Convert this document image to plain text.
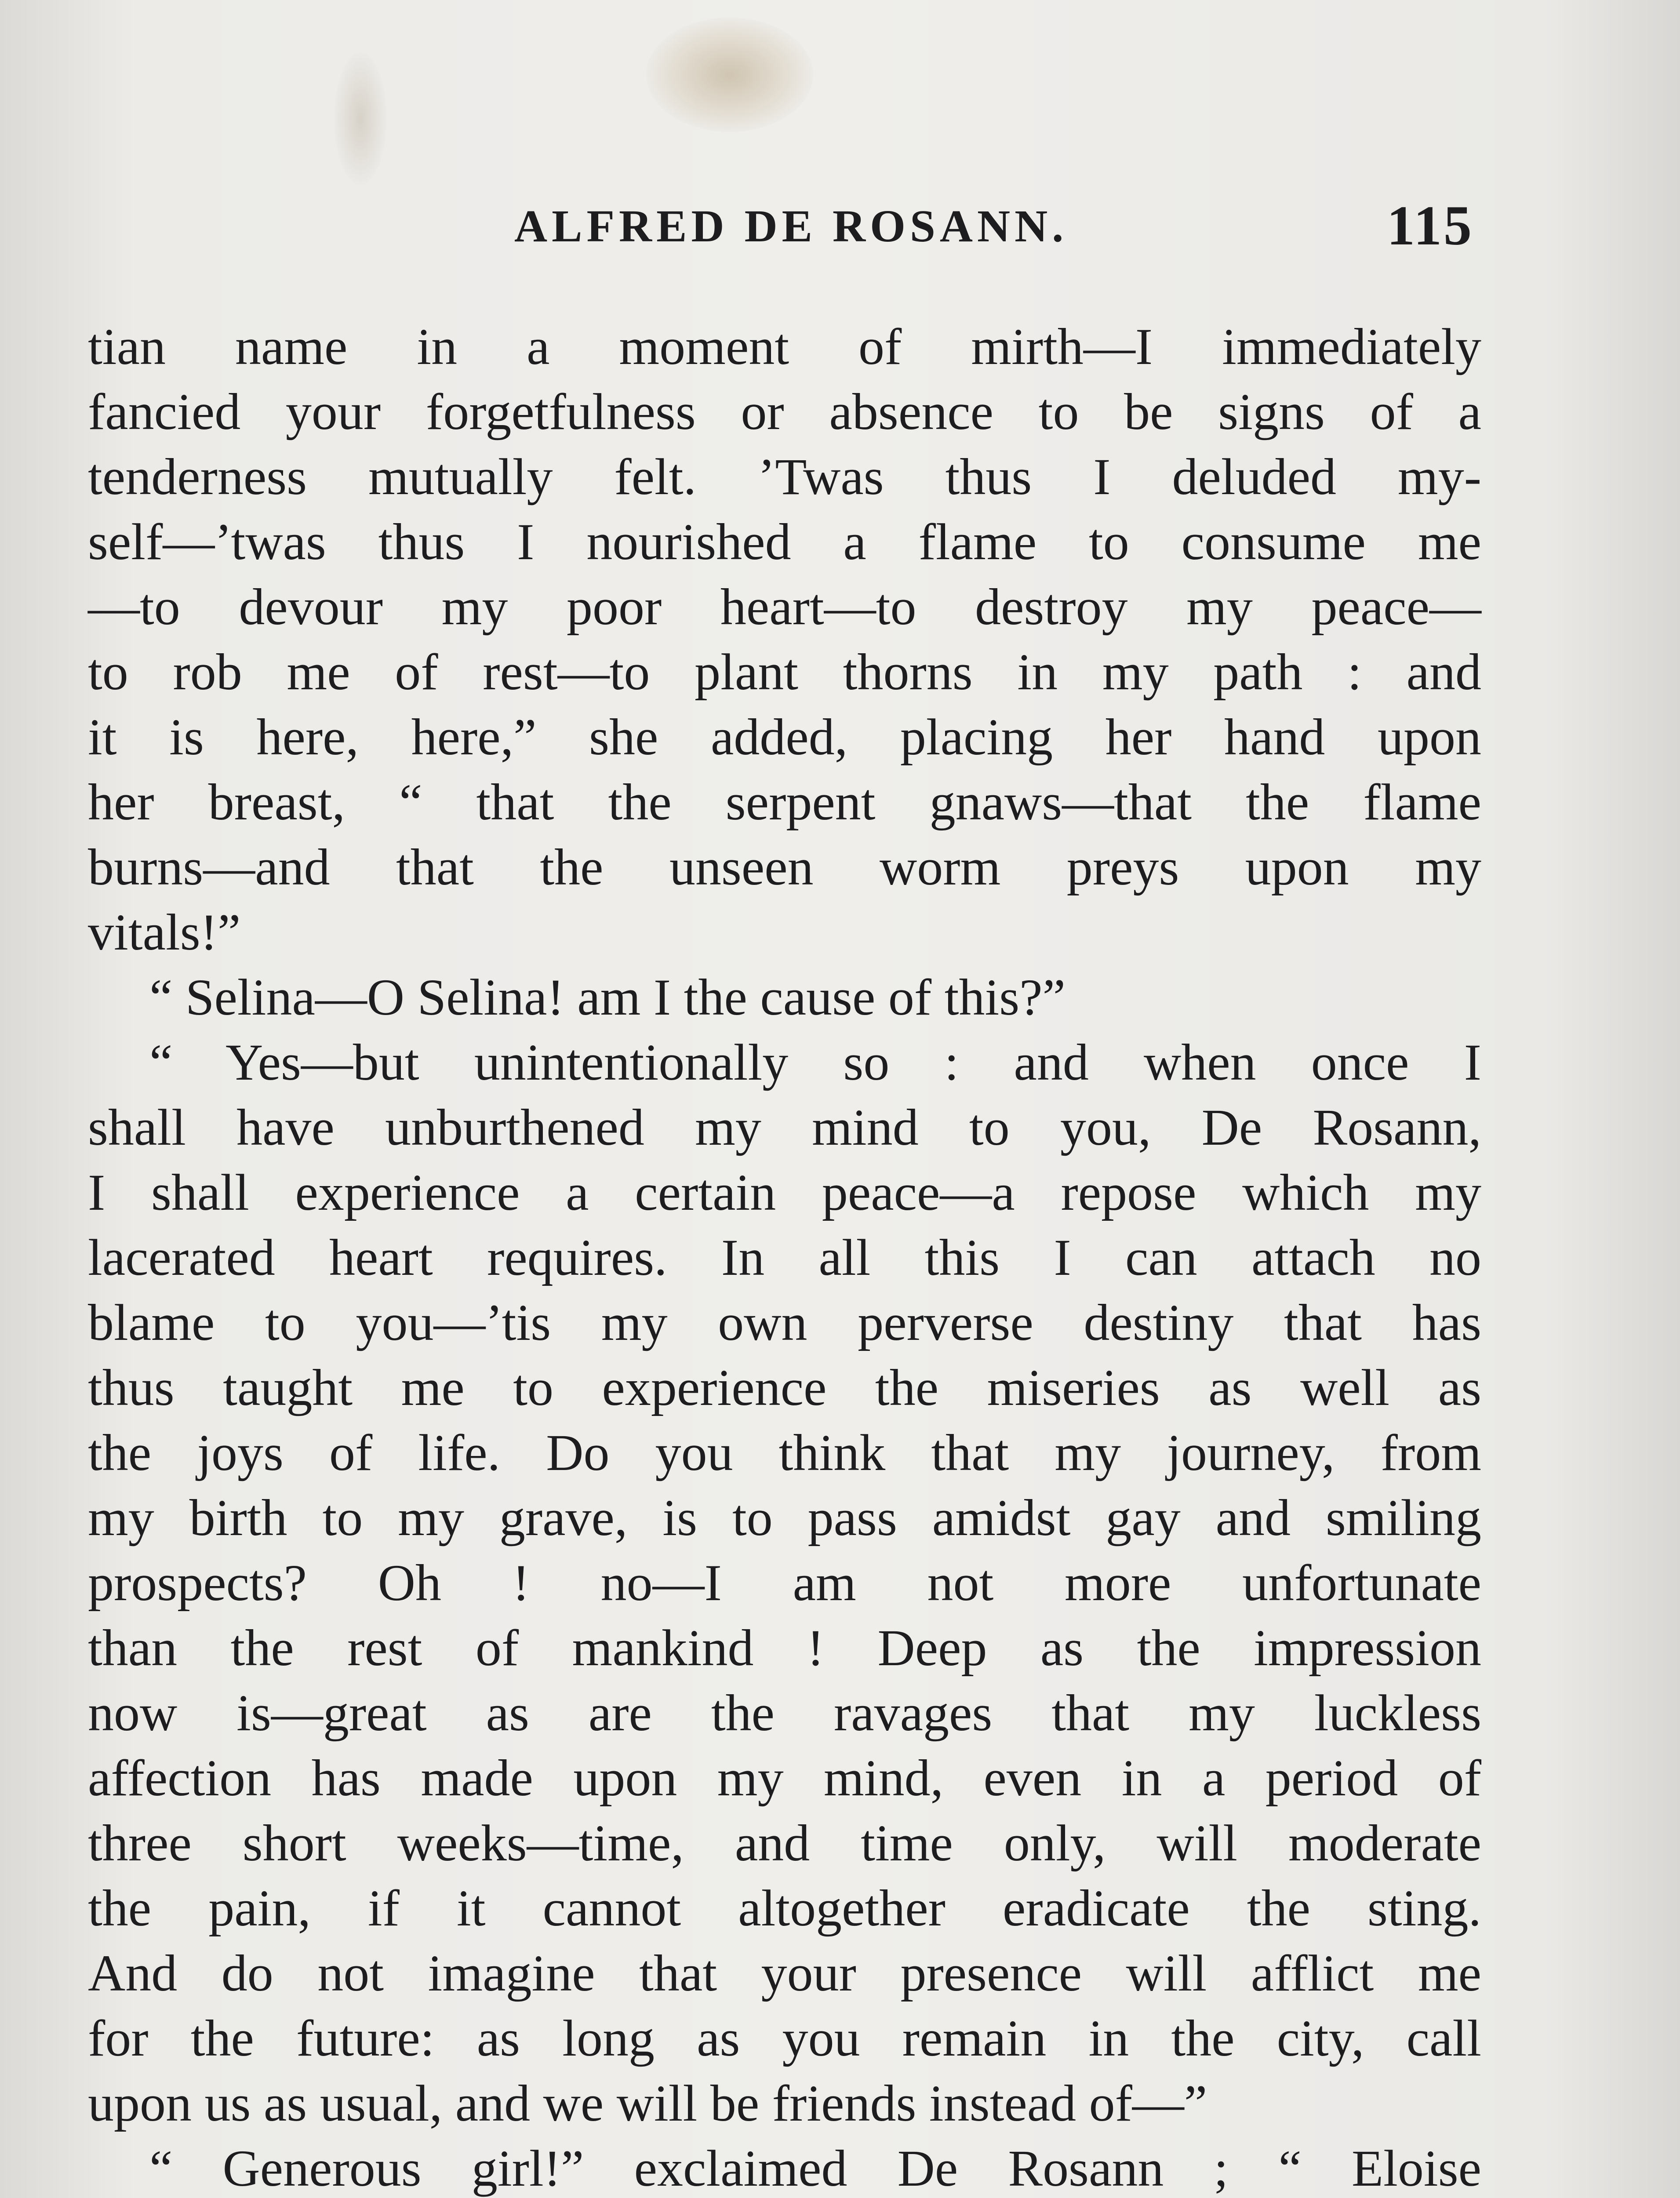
ALFRED DE ROSANN.	115
tian name in a moment of mirth—I immediately
fancied your forgetfulness or absence to be signs of a
tenderness mutually felt. ’Twas thus I deluded my-
self—’twas thus I nourished a flame to consume me
—to devour my poor heart—to destroy my peace—
to rob me of rest—to plant thorns in my path : and
it is here, here,” she added, placing her hand upon
her breast, “ that the serpent gnaws—that the flame
burns—and that the unseen worm preys upon my
vitals!”
“ Selina—O Selina! am I the cause of this?”
“ Yes—but unintentionally so : and when once I
shall have unburthened my mind to you, De Rosann,
I shall experience a certain peace—a repose which my
lacerated heart requires. In all this I can attach no
blame to you—’tis my own perverse destiny that has
thus taught me to experience the miseries as well as
the joys of life. Do you think that my journey, from
my birth to my grave, is to pass amidst gay and smiling
prospects? Oh ! no—I am not more unfortunate
than the rest of mankind ! Deep as the impression
now is—great as are the ravages that my luckless
affection has made upon my mind, even in a period of
three short weeks—time, and time only, will moderate
the pain, if it cannot altogether eradicate the sting.
And do not imagine that your presence will afflict me
for the future: as long as you remain in the city, call
upon us as usual, and we will be friends instead of—”
“ Generous girl!” exclaimed De Rosann ; “ Eloise
